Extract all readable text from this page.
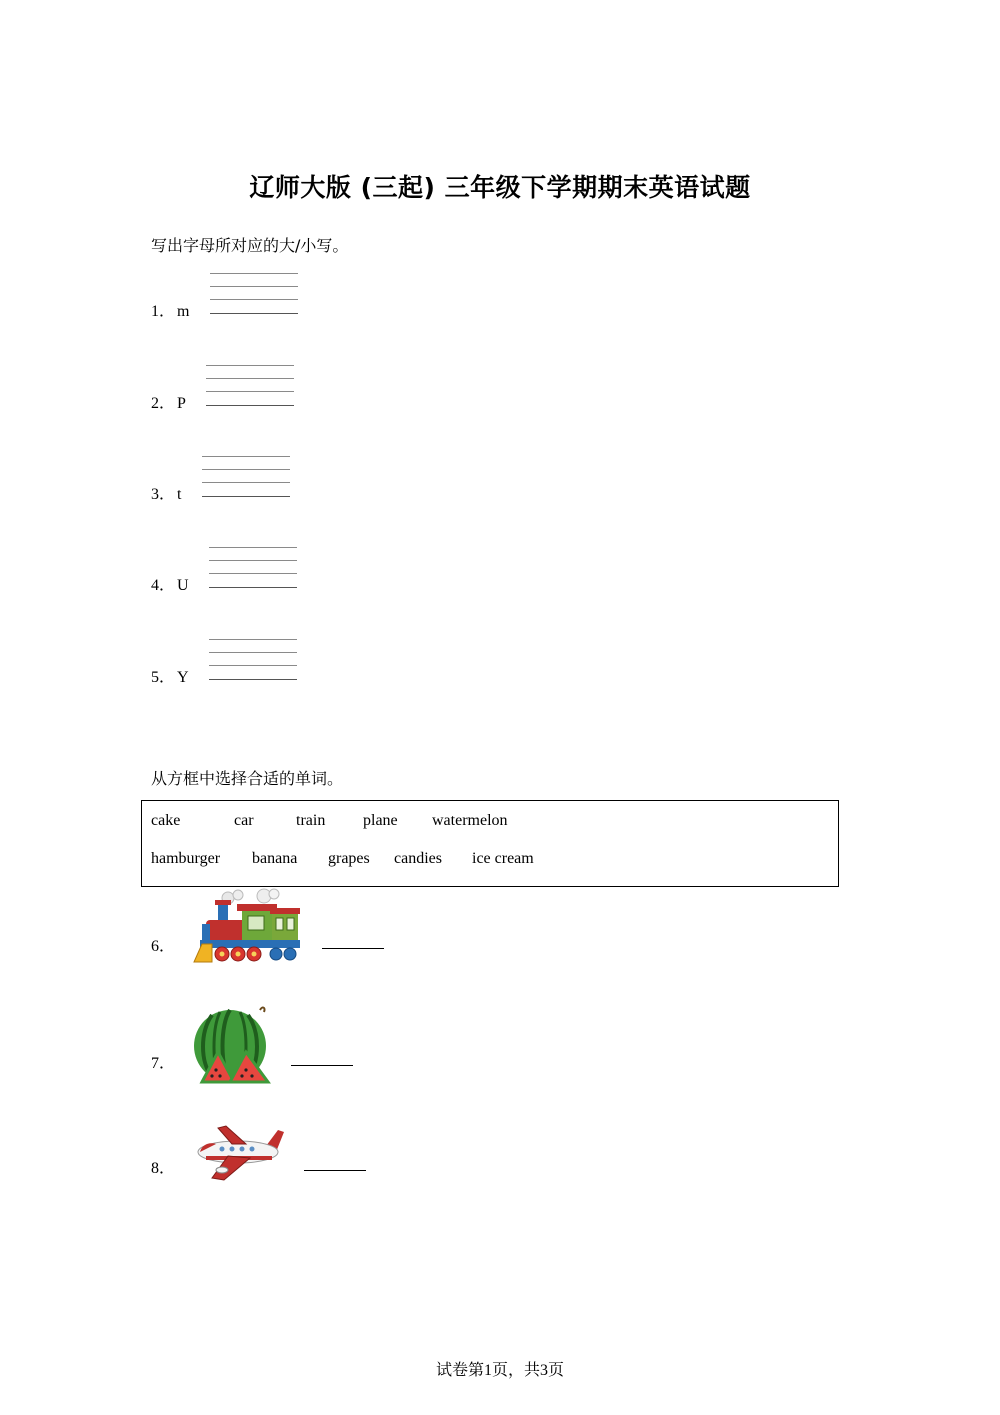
辽师大版 (三起) 三年级下学期期末英语试题
写出字母所对应的大/小写。
1． m
2． P
3． t
4． U
5． Y
从方框中选择合适的单词。
cake	car	train plane watermelon
hamburger banana grapes candies ice cream
6．
7．
8．
试卷第1页，共3页
